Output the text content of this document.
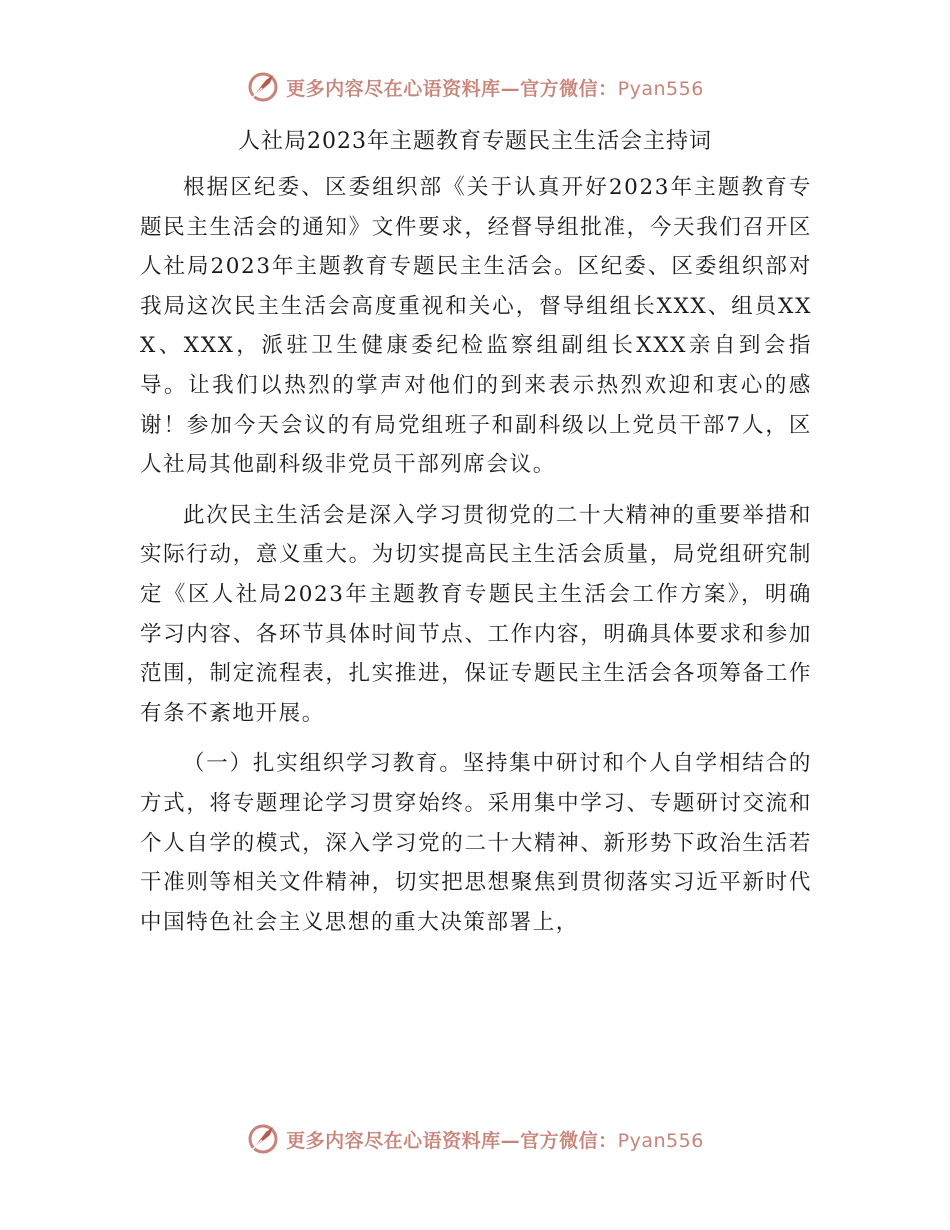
更多内容尽在心语资料库—官方微信：Pyan556
人社局2023年主题教育专题民主生活会主持词

根据区纪委、区委组织部《关于认真开好2023年主题教育专题民主生活会的通知》文件要求，经督导组批准，今天我们召开区人社局2023年主题教育专题民主生活会。区纪委、区委组织部对我局这次民主生活会高度重视和关心，督导组组长XXX、组员XXX、XXX，派驻卫生健康委纪检监察组副组长XXX亲自到会指导。让我们以热烈的掌声对他们的到来表示热烈欢迎和衷心的感谢！参加今天会议的有局党组班子和副科级以上党员干部7人，区人社局其他副科级非党员干部列席会议。

此次民主生活会是深入学习贯彻党的二十大精神的重要举措和实际行动，意义重大。为切实提高民主生活会质量，局党组研究制定《区人社局2023年主题教育专题民主生活会工作方案》，明确学习内容、各环节具体时间节点、工作内容，明确具体要求和参加范围，制定流程表，扎实推进，保证专题民主生活会各项筹备工作有条不紊地开展。

（一）扎实组织学习教育。坚持集中研讨和个人自学相结合的方式，将专题理论学习贯穿始终。采用集中学习、专题研讨交流和个人自学的模式，深入学习党的二十大精神、新形势下政治生活若干准则等相关文件精神，切实把思想聚焦到贯彻落实习近平新时代中国特色社会主义思想的重大决策部署上，

更多内容尽在心语资料库—官方微信：Pyan556
